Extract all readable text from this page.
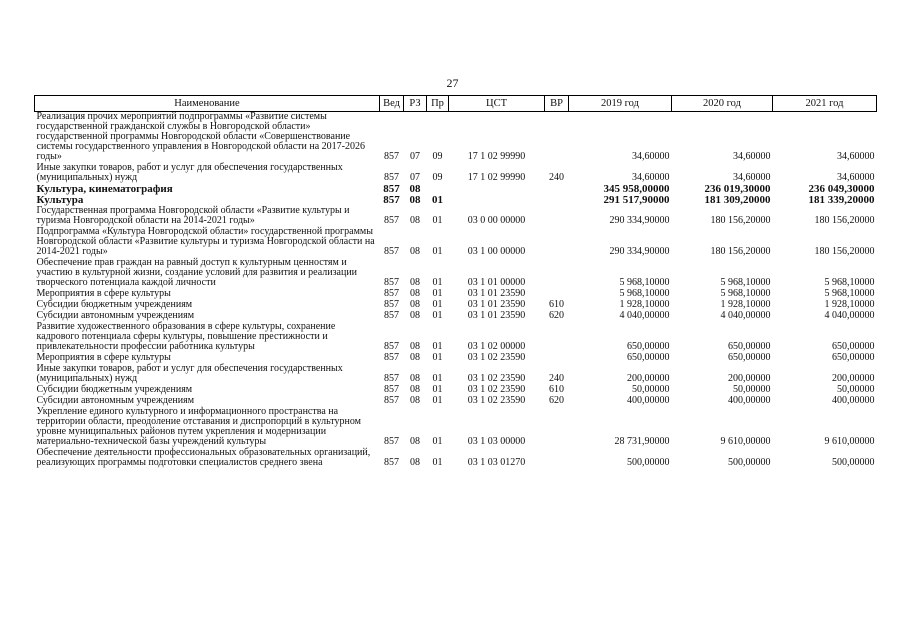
27
Наименование	Вед	РЗ	Пр	ЦСТ	ВР	2019 год	2020 год	2021 год
Реализация прочих мероприятий подпрограммы «Развитие системы государственной гражданской службы в Новгородской области» государственной программы Новгородской области «Совершенствование системы государственного управления в Новгородской области на 2017-2026 годы»	857	07	09	17 1 02 99990		34,60000	34,60000	34,60000
Иные закупки товаров, работ и услуг для обеспечения государственных (муниципальных) нужд	857	07	09	17 1 02 99990	240	34,60000	34,60000	34,60000
Культура, кинематография	857	08				345 958,00000	236 019,30000	236 049,30000
Культура	857	08	01			291 517,90000	181 309,20000	181 339,20000
Государственная программа Новгородской области «Развитие культуры и туризма Новгородской области на 2014-2021 годы»	857	08	01	03 0 00 00000		290 334,90000	180 156,20000	180 156,20000
Подпрограмма «Культура Новгородской области» государственной программы Новгородской области «Развитие культуры и туризма Новгородской области на 2014-2021 годы»	857	08	01	03 1 00 00000		290 334,90000	180 156,20000	180 156,20000
Обеспечение прав граждан на равный доступ к культурным ценностям и участию в культурной жизни, создание условий для развития и реализации творческого потенциала каждой личности	857	08	01	03 1 01 00000		5 968,10000	5 968,10000	5 968,10000
Мероприятия в сфере культуры	857	08	01	03 1 01 23590		5 968,10000	5 968,10000	5 968,10000
Субсидии бюджетным учреждениям	857	08	01	03 1 01 23590	610	1 928,10000	1 928,10000	1 928,10000
Субсидии автономным учреждениям	857	08	01	03 1 01 23590	620	4 040,00000	4 040,00000	4 040,00000
Развитие художественного образования в сфере культуры, сохранение кадрового потенциала сферы культуры, повышение престижности и привлекательности профессии работника культуры	857	08	01	03 1 02 00000		650,00000	650,00000	650,00000
Мероприятия в сфере культуры	857	08	01	03 1 02 23590		650,00000	650,00000	650,00000
Иные закупки товаров, работ и услуг для обеспечения государственных (муниципальных) нужд	857	08	01	03 1 02 23590	240	200,00000	200,00000	200,00000
Субсидии бюджетным учреждениям	857	08	01	03 1 02 23590	610	50,00000	50,00000	50,00000
Субсидии автономным учреждениям	857	08	01	03 1 02 23590	620	400,00000	400,00000	400,00000
Укрепление единого культурного и информационного пространства на территории области, преодоление отставания и диспропорций в культурном уровне муниципальных районов путем укрепления и модернизации материально-технической базы учреждений культуры	857	08	01	03 1 03 00000		28 731,90000	9 610,00000	9 610,00000
Обеспечение деятельности профессиональных образовательных организаций, реализующих программы подготовки специалистов среднего звена	857	08	01	03 1 03 01270		500,00000	500,00000	500,00000
